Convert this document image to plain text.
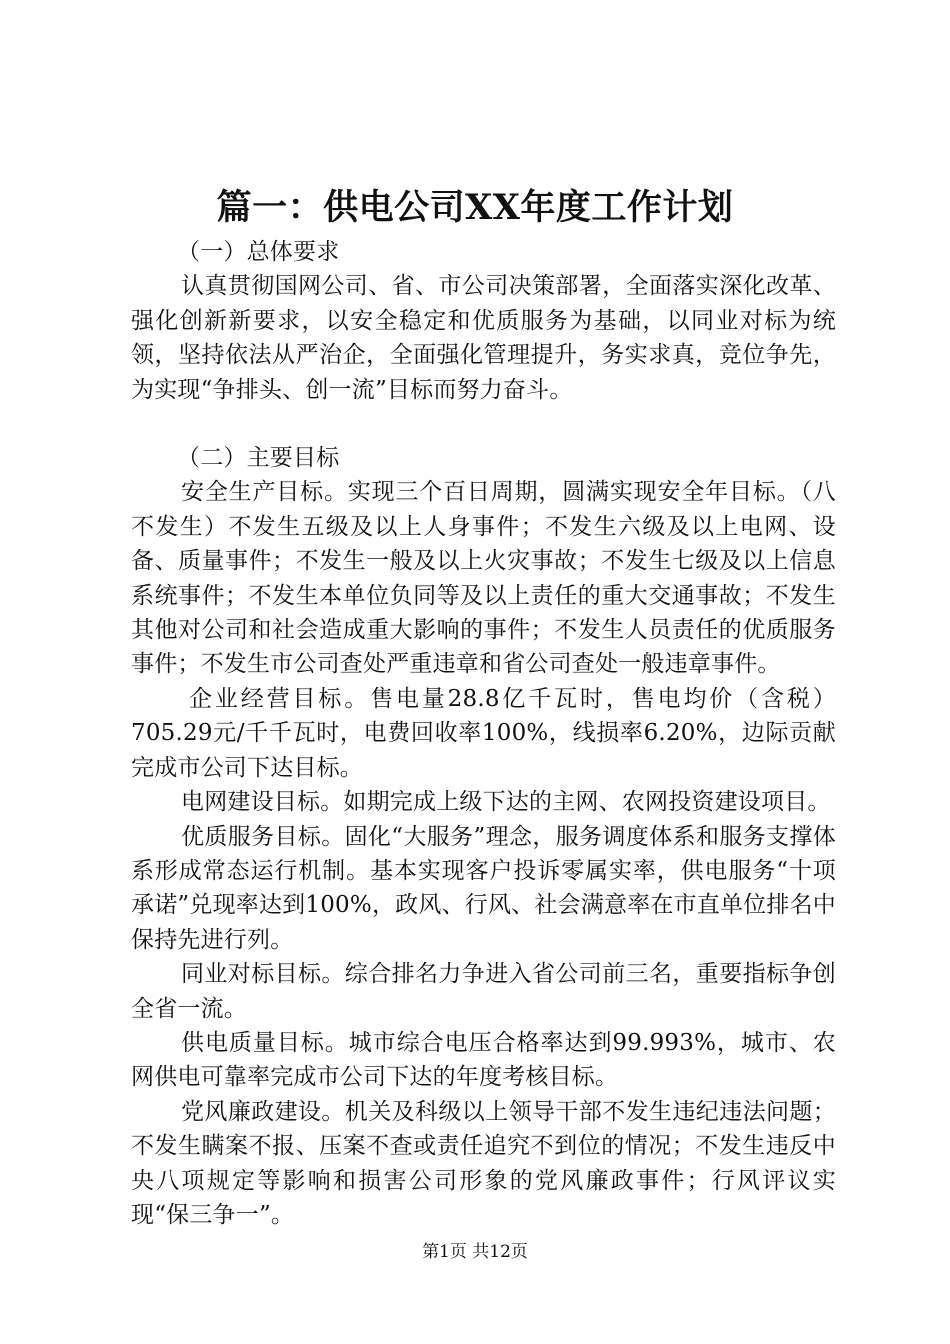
篇一：供电公司XX年度工作计划

（一）总体要求

认真贯彻国网公司、省、市公司决策部署，全面落实深化改革、强化创新新要求，以安全稳定和优质服务为基础，以同业对标为统领，坚持依法从严治企，全面强化管理提升，务实求真，竞位争先，为实现“争排头、创一流”目标而努力奋斗。

（二）主要目标

安全生产目标。实现三个百日周期，圆满实现安全年目标。（八不发生）不发生五级及以上人身事件；不发生六级及以上电网、设备、质量事件；不发生一般及以上火灾事故；不发生七级及以上信息系统事件；不发生本单位负同等及以上责任的重大交通事故；不发生其他对公司和社会造成重大影响的事件；不发生人员责任的优质服务事件；不发生市公司查处严重违章和省公司查处一般违章事件。

企业经营目标。售电量28.8亿千瓦时，售电均价（含税）705.29元/千千瓦时，电费回收率100%，线损率6.20%，边际贡献完成市公司下达目标。

电网建设目标。如期完成上级下达的主网、农网投资建设项目。

优质服务目标。固化“大服务”理念，服务调度体系和服务支撑体系形成常态运行机制。基本实现客户投诉零属实率，供电服务“十项承诺”兑现率达到100%，政风、行风、社会满意率在市直单位排名中保持先进行列。

同业对标目标。综合排名力争进入省公司前三名，重要指标争创全省一流。

供电质量目标。城市综合电压合格率达到99.993%，城市、农网供电可靠率完成市公司下达的年度考核目标。

党风廉政建设。机关及科级以上领导干部不发生违纪违法问题；不发生瞒案不报、压案不查或责任追究不到位的情况；不发生违反中央八项规定等影响和损害公司形象的党风廉政事件；行风评议实现“保三争一”。

第1页 共12页
